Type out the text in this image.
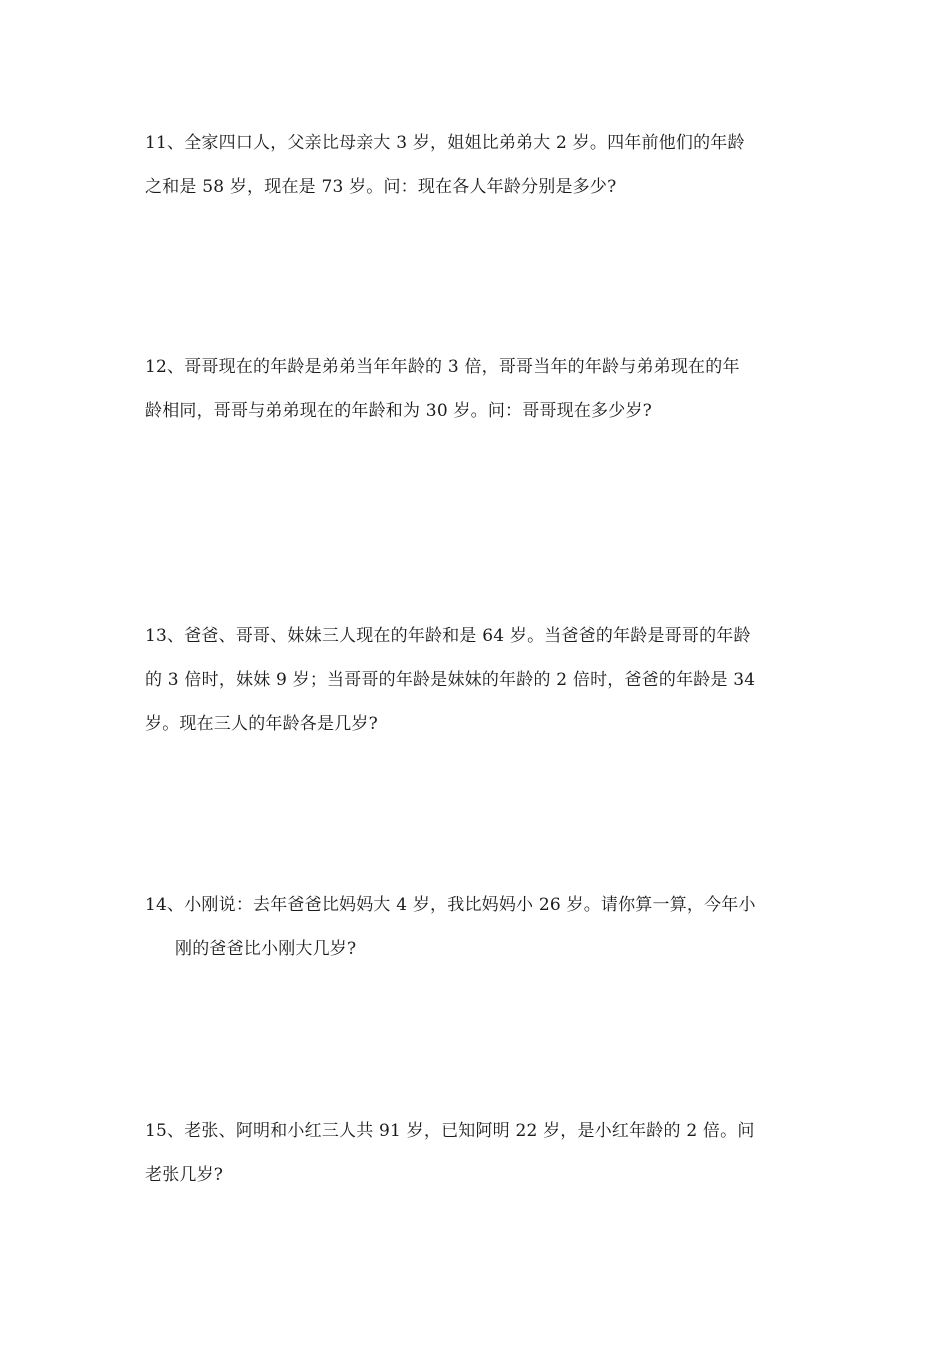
11、全家四口人，父亲比母亲大 3 岁，姐姐比弟弟大 2 岁。四年前他们的年龄
之和是 58 岁，现在是 73 岁。问：现在各人年龄分别是多少?
12、哥哥现在的年龄是弟弟当年年龄的 3 倍，哥哥当年的年龄与弟弟现在的年
龄相同，哥哥与弟弟现在的年龄和为 30 岁。问：哥哥现在多少岁?
13、爸爸、哥哥、妹妹三人现在的年龄和是 64 岁。当爸爸的年龄是哥哥的年龄
的 3 倍时，妹妹 9 岁；当哥哥的年龄是妹妹的年龄的 2 倍时，爸爸的年龄是 34
岁。现在三人的年龄各是几岁?
14、小刚说：去年爸爸比妈妈大 4 岁，我比妈妈小 26 岁。请你算一算，今年小
刚的爸爸比小刚大几岁?
15、老张、阿明和小红三人共 91 岁，已知阿明 22 岁，是小红年龄的 2 倍。问
老张几岁?
